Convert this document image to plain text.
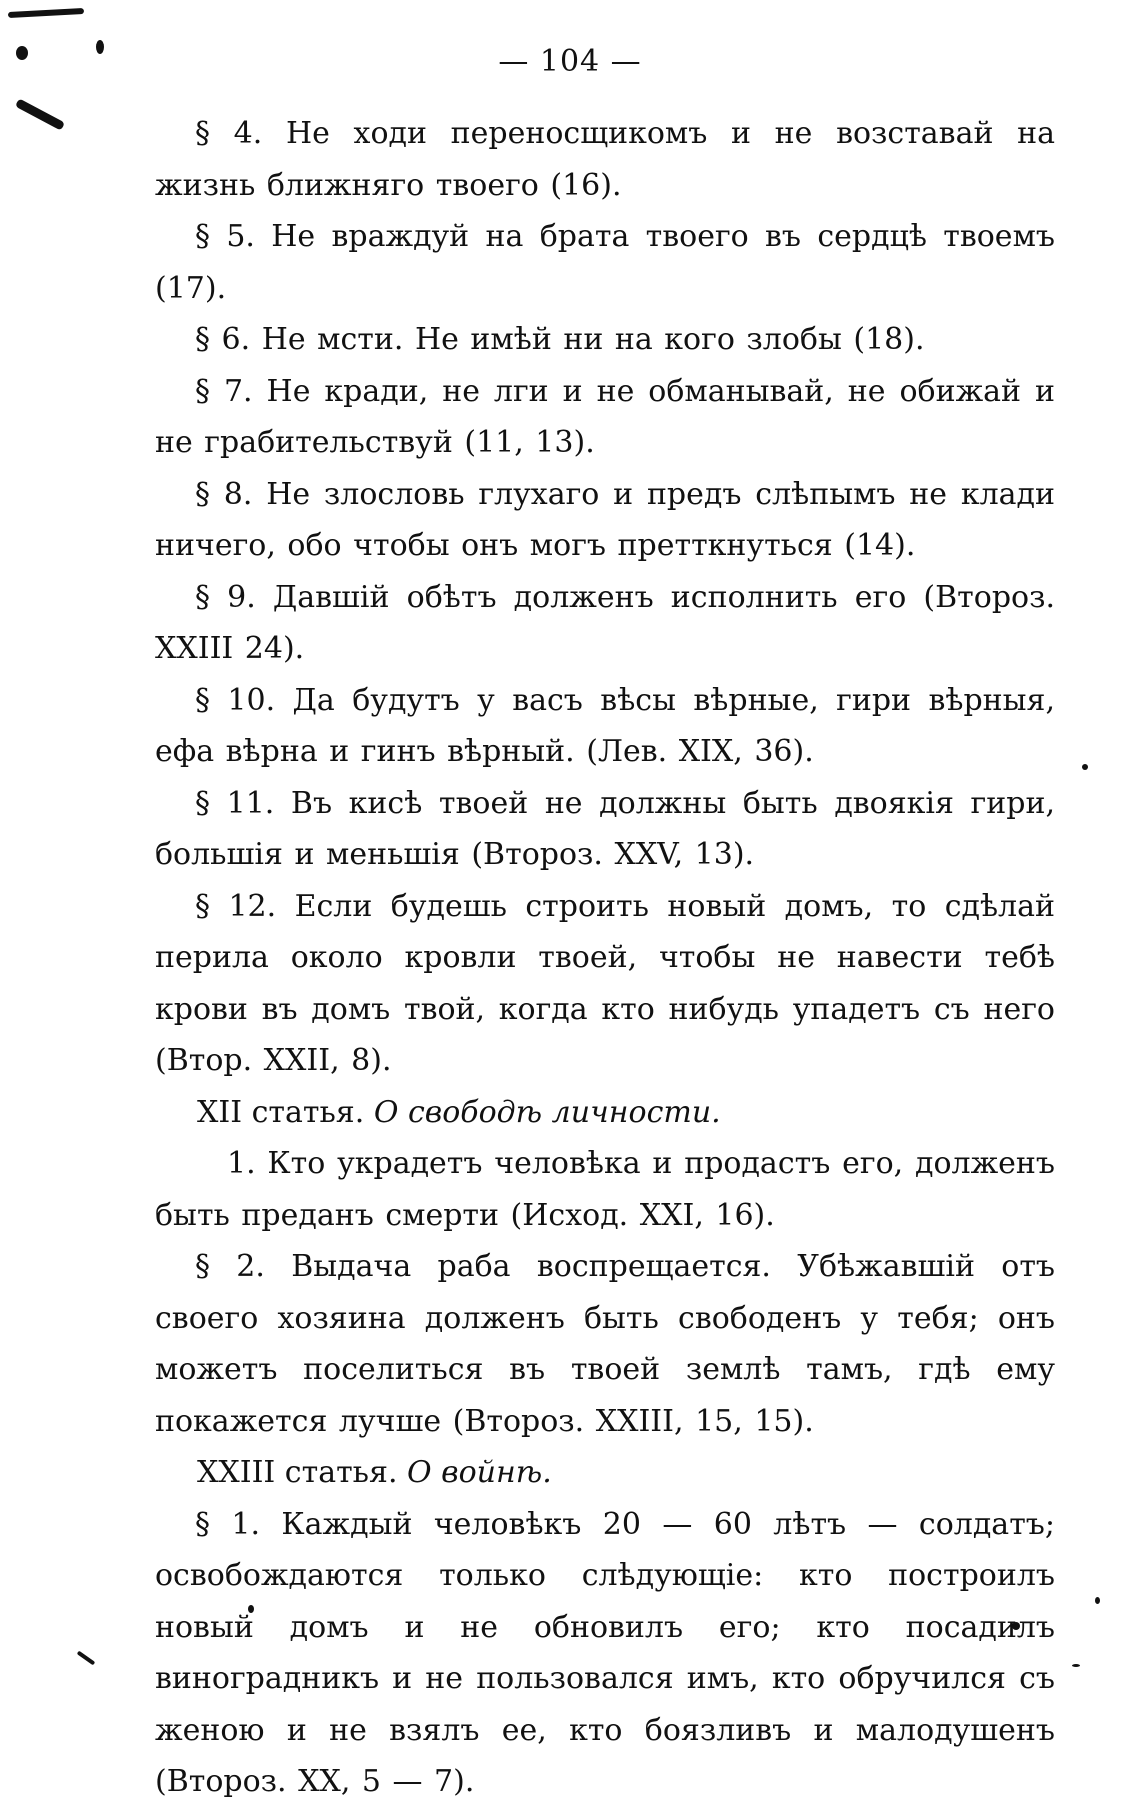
— 104 —

§ 4. Не ходи переносщикомъ и не возставай на жизнь ближняго твоего (16).

§ 5. Не враждуй на брата твоего въ сердцѣ твоемъ (17).

§ 6. Не мсти. Не имѣй ни на кого злобы (18).

§ 7. Не кради, не лги и не обманывай, не обижай и не грабительствуй (11, 13).

§ 8. Не злословь глухаго и предъ слѣпымъ не клади ничего, обо чтобы онъ могъ претткнуться (14).

§ 9. Давшій обѣтъ долженъ исполнить его (Второз. XXIII 24).

§ 10. Да будутъ у васъ вѣсы вѣрные, гири вѣрныя, ефа вѣрна и гинъ вѣрный. (Лев. XIX, 36).

§ 11. Въ кисѣ твоей не должны быть двоякія гири, большія и меньшія (Второз. XXV, 13).

§ 12. Если будешь строить новый домъ, то сдѣлай перила около кровли твоей, чтобы не навести тебѣ крови въ домъ твой, когда кто нибудь упадетъ съ него (Втор. XXII, 8).

XII статья. О свободѣ личности.

1. Кто украдетъ человѣка и продастъ его, долженъ быть преданъ смерти (Исход. XXI, 16).

§ 2. Выдача раба воспрещается. Убѣжавшій отъ своего хозяина долженъ быть свободенъ у тебя; онъ можетъ поселиться въ твоей землѣ тамъ, гдѣ ему покажется лучше (Второз. XXIII, 15, 15).

XXIII статья. О войнѣ.

§ 1. Каждый человѣкъ 20 — 60 лѣтъ — солдатъ; освобождаются только слѣдующіе: кто построилъ новый домъ и не обновилъ его; кто посадилъ виноградникъ и не пользовался имъ, кто обручился съ женою и не взялъ ее, кто боязливъ и малодушенъ (Второз. XX, 5 — 7).
